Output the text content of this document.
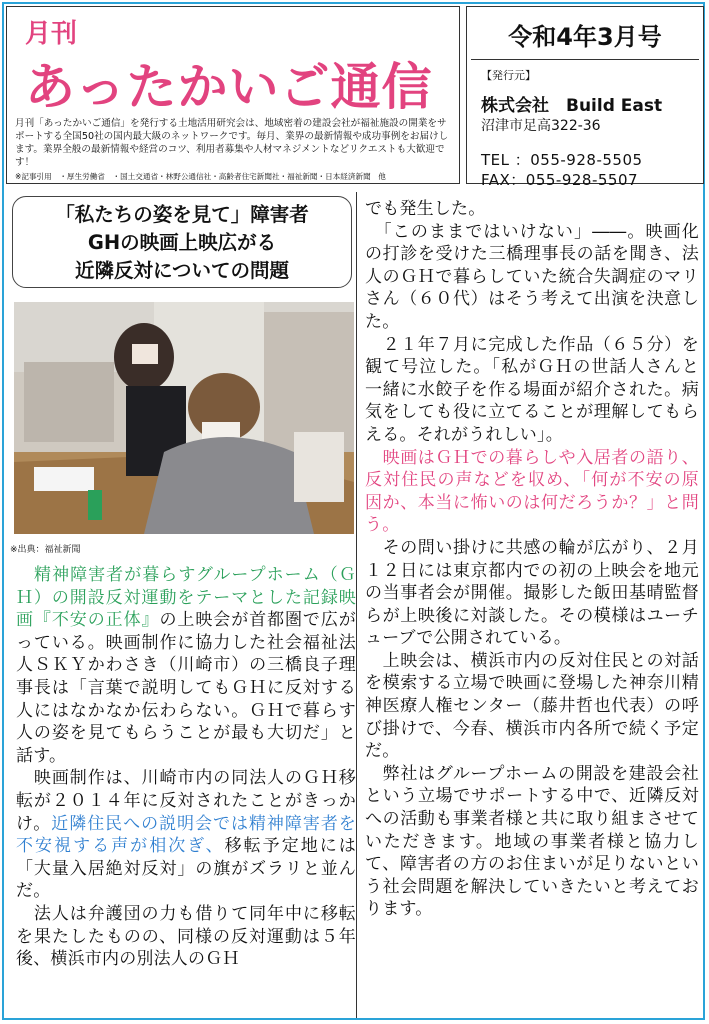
月刊
あったかいご通信
月刊「あったかいご通信」を発行する土地活用研究会は、地域密着の建設会社が福祉施設の開業をサポートする全国50社の国内最大級のネットワークです。毎月、業界の最新情報や成功事例をお届けします。業界全般の最新情報や経営のコツ、利用者募集や人材マネジメントなどリクエストも大歓迎です！
※記事引用　・厚生労働省　・国土交通省・林野公通信社・高齢者住宅新聞社・福祉新聞・日本経済新聞　他
令和4年3月号
【発行元】
株式会社　Build East
沼津市足高322-36
TEL ：055-928-5505
FAX：055-928-5507
「私たちの姿を見て」障害者
GHの映画上映広がる
近隣反対についての問題
※出典：福祉新聞

　精神障害者が暮らすグループホーム（ＧＨ）の開設反対運動をテーマとした記録映画『不安の正体』の上映会が首都圏で広がっている。映画制作に協力した社会福祉法人ＳＫＹかわさき（川崎市）の三橋良子理事長は「言葉で説明してもＧＨに反対する人にはなかなか伝わらない。ＧＨで暮らす人の姿を見てもらうことが最も大切だ」と話す。

　映画制作は、川崎市内の同法人のＧＨ移転が２０１４年に反対されたことがきっかけ。近隣住民への説明会では精神障害者を不安視する声が相次ぎ、移転予定地には「大量入居絶対反対」の旗がズラリと並んだ。

　法人は弁護団の力も借りて同年中に移転を果たしたものの、同様の反対運動は５年後、横浜市内の別法人のＧＨ

でも発生した。

　「このままではいけない」――。映画化の打診を受けた三橋理事長の話を聞き、法人のＧＨで暮らしていた統合失調症のマリさん（６０代）はそう考えて出演を決意した。

　２１年７月に完成した作品（６５分）を観て号泣した。「私がＧＨの世話人さんと一緒に水餃子を作る場面が紹介された。病気をしても役に立てることが理解してもらえる。それがうれしい」。

　映画はＧＨでの暮らしや入居者の語り、反対住民の声などを収め、「何が不安の原因か、本当に怖いのは何だろうか？」と問う。

　その問い掛けに共感の輪が広がり、２月１２日には東京都内での初の上映会を地元の当事者会が開催。撮影した飯田基晴監督らが上映後に対談した。その模様はユーチューブで公開されている。

　上映会は、横浜市内の反対住民との対話を模索する立場で映画に登場した神奈川精神医療人権センター（藤井哲也代表）の呼び掛けで、今春、横浜市内各所で続く予定だ。

　弊社はグループホームの開設を建設会社という立場でサポートする中で、近隣反対への活動も事業者様と共に取り組まさせていただきます。地域の事業者様と協力して、障害者の方のお住まいが足りないという社会問題を解決していきたいと考えております。
